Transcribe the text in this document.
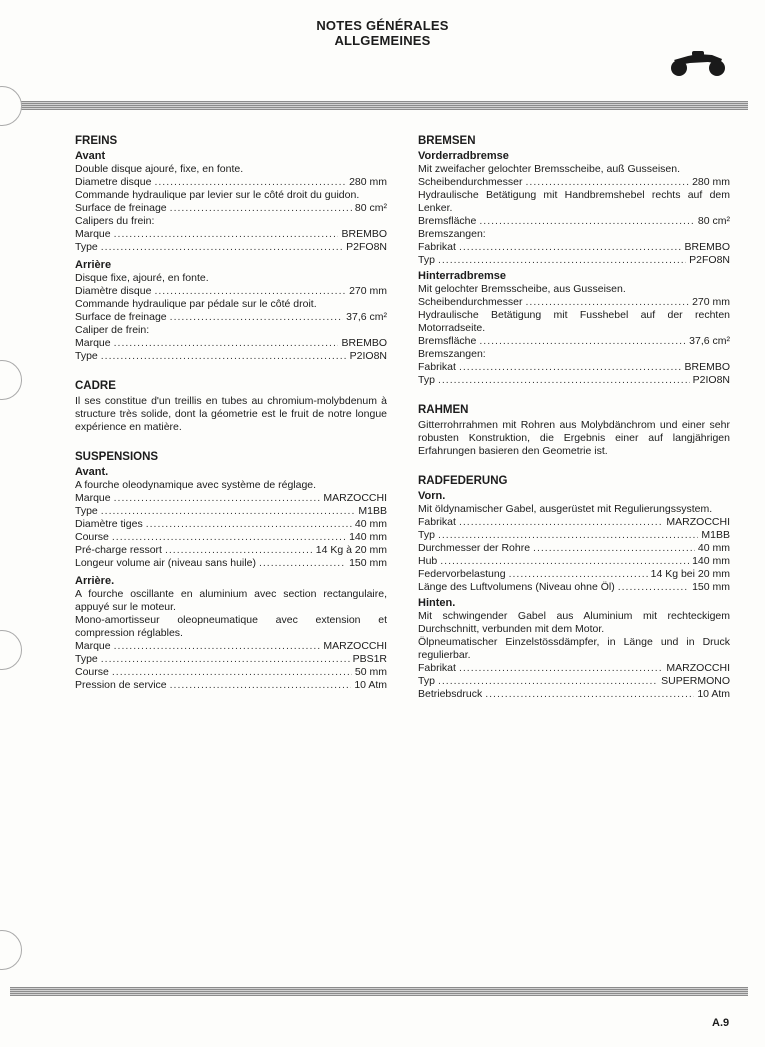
NOTES GÉNÉRALES
ALLGEMEINES
FREINS
Avant

Double disque ajouré, fixe, en fonte.

Diametre disque .....	280 mm

Commande hydraulique par levier sur le côté droit du guidon.

Surface de freinage .....	80 cm²

Calipers du frein:

Marque .....	BREMBO
Type .....	P2FO8N
Arrière

Disque fixe, ajouré, en fonte.

Diamètre disque .....	270 mm

Commande hydraulique par pédale sur le côté droit.

Surface de freinage .....	37,6 cm²

Caliper de frein:

Marque .....	BREMBO
Type .....	P2IO8N
CADRE

Il ses constitue d'un treillis en tubes au chromium-molybdenum à structure très solide, dont la géometrie est le fruit de notre longue expérience en matière.

SUSPENSIONS
Avant.

A fourche oleodynamique avec système de réglage.

Marque .....	MARZOCCHI
Type .....	M1BB
Diamètre tiges .....	40 mm
Course .....	140 mm
Pré-charge ressort .....	14 Kg à 20 mm
Longeur volume air (niveau sans huile) .....	150 mm
Arrière.

A fourche oscillante en aluminium avec section rectangulaire, appuyé sur le moteur.

Mono-amortisseur oleopneumatique avec extension et compression réglables.

Marque .....	MARZOCCHI
Type .....	PBS1R
Course .....	50 mm
Pression de service .....	10 Atm
BREMSEN
Vorderradbremse

Mit zweifacher gelochter Bremsscheibe, auß Gusseisen.

Scheibendurchmesser .....	280 mm

Hydraulische Betätigung mit Handbremshebel rechts auf dem Lenker.

Bremsfläche .....	80 cm²

Bremszangen:

Fabrikat .....	BREMBO
Typ .....	P2FO8N
Hinterradbremse

Mit gelochter Bremsscheibe, aus Gusseisen.

Scheibendurchmesser .....	270 mm

Hydraulische Betätigung mit Fusshebel auf der rechten Motorradseite.

Bremsfläche .....	37,6 cm²

Bremszangen:

Fabrikat .....	BREMBO
Typ .....	P2IO8N
RAHMEN

Gitterrohrrahmen mit Rohren aus Molybdänchrom und einer sehr robusten Konstruktion, die Ergebnis einer auf langjährigen Erfahrungen basieren den Geometrie ist.

RADFEDERUNG
Vorn.

Mit öldynamischer Gabel, ausgerüstet mit Regulierungssystem.

Fabrikat .....	MARZOCCHI
Typ .....	M1BB
Durchmesser der Rohre .....	40 mm
Hub .....	140 mm
Federvorbelastung .....	14 Kg bei 20 mm
Länge des Luftvolumens (Niveau ohne Öl) .....	150 mm
Hinten.

Mit schwingender Gabel aus Aluminium mit rechteckigem Durchschnitt, verbunden mit dem Motor.

Ölpneumatischer Einzelstössdämpfer, in Länge und in Druck regulierbar.

Fabrikat .....	MARZOCCHI
Typ .....	SUPERMONO
Betriebsdruck .....	10 Atm
A.9
